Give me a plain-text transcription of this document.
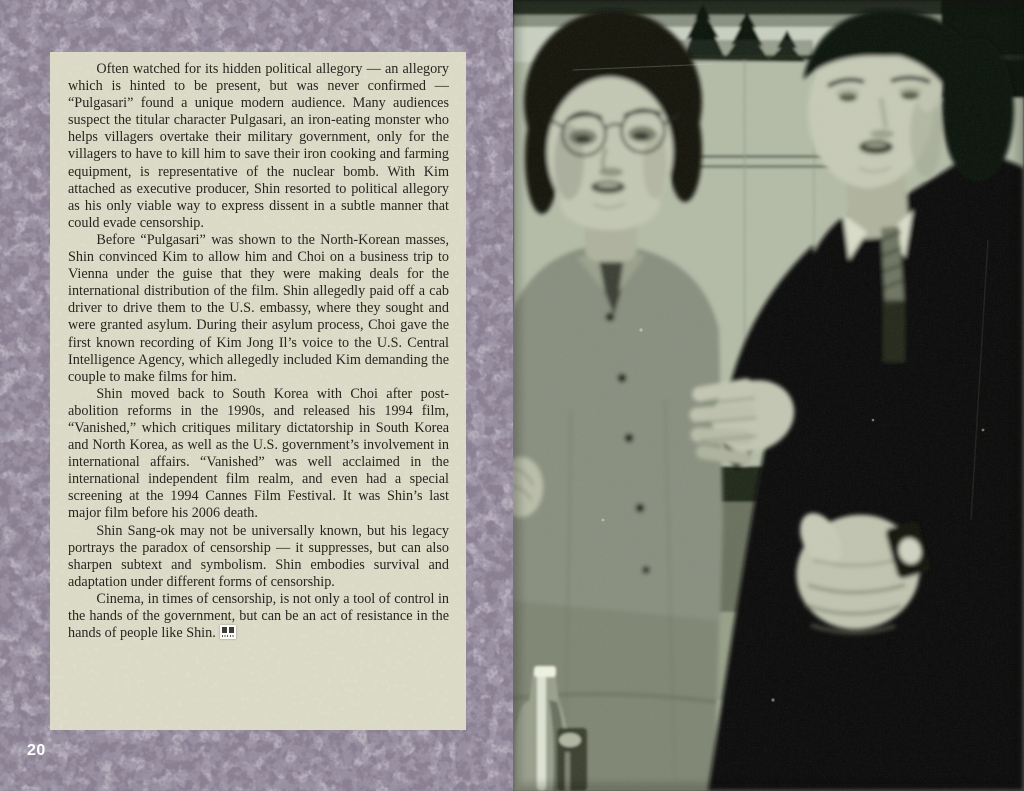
Often watched for its hidden political allegory — an allegory which is hinted to be present, but was never confirmed — “Pulgasari” found a unique modern audience. Many audiences suspect the titular character Pulgasari, an iron-eating monster who helps villagers overtake their military government, only for the villagers to have to kill him to save their iron cooking and farming equipment, is representative of the nuclear bomb. With Kim attached as executive producer, Shin resorted to political allegory as his only viable way to express dissent in a subtle manner that could evade censorship.

Before “Pulgasari” was shown to the North-Korean masses, Shin convinced Kim to allow him and Choi on a business trip to Vienna under the guise that they were making deals for the international distribution of the film. Shin allegedly paid off a cab driver to drive them to the U.S. embassy, where they sought and were granted asylum. During their asylum process, Choi gave the first known recording of Kim Jong Il’s voice to the U.S. Central Intelligence Agency, which allegedly included Kim demanding the couple to make films for him.

Shin moved back to South Korea with Choi after post-abolition reforms in the 1990s, and released his 1994 film, “Vanished,” which critiques military dictatorship in South Korea and North Korea, as well as the U.S. government’s involvement in international affairs. “Vanished” was well acclaimed in the international independent film realm, and even had a special screening at the 1994 Cannes Film Festival. It was Shin’s last major film before his 2006 death.

Shin Sang-ok may not be universally known, but his legacy portrays the paradox of censorship — it suppresses, but can also sharpen subtext and symbolism. Shin embodies survival and adaptation under different forms of censorship.

Cinema, in times of censorship, is not only a tool of control in the hands of the government, but can be an act of resistance in the hands of people like Shin.

20
